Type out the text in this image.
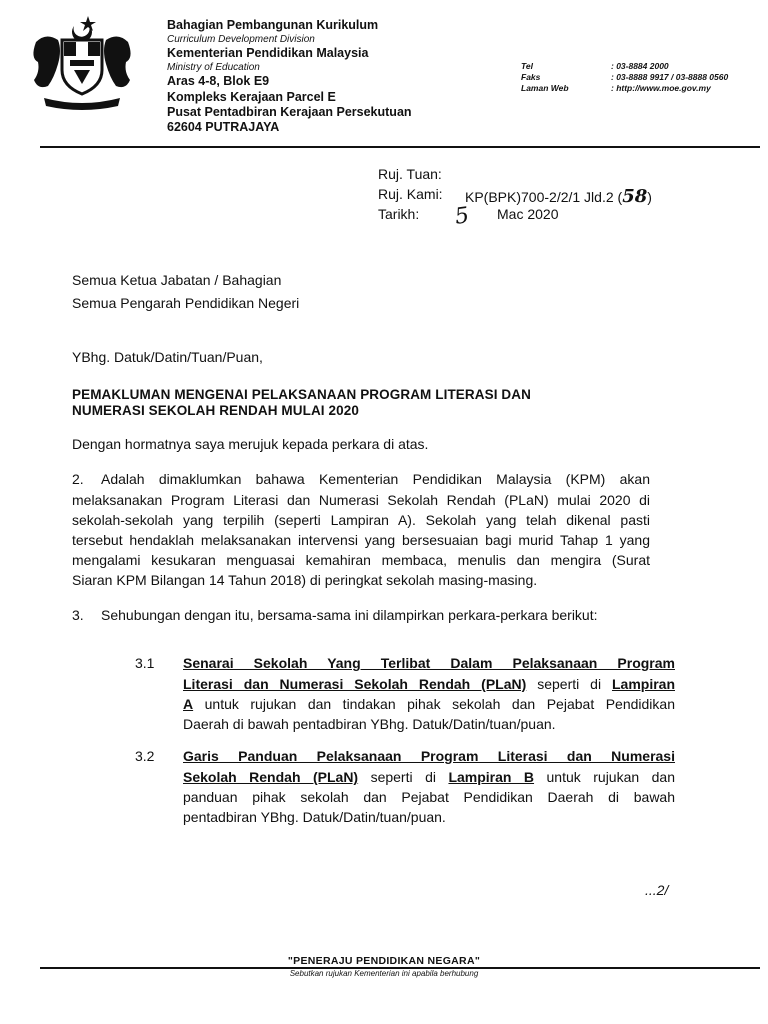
Bahagian Pembangunan Kurikulum
Curriculum Development Division
Kementerian Pendidikan Malaysia
Ministry of Education
Aras 4-8, Blok E9
Kompleks Kerajaan Parcel E
Pusat Pentadbiran Kerajaan Persekutuan
62604 PUTRAJAYA
Tel	: 03-8884 2000
Faks	: 03-8888 9917 / 03-8888 0560
Laman Web	: http://www.moe.gov.my
Ruj. Tuan:
Ruj. Kami: KP(BPK)700-2/2/1 Jld.2 (58)
Tarikh: 5 Mac 2020
Semua Ketua Jabatan / Bahagian
Semua Pengarah Pendidikan Negeri
YBhg. Datuk/Datin/Tuan/Puan,
PEMAKLUMAN MENGENAI PELAKSANAAN PROGRAM LITERASI DAN
NUMERASI SEKOLAH RENDAH MULAI 2020
Dengan hormatnya saya merujuk kepada perkara di atas.
2. Adalah dimaklumkan bahawa Kementerian Pendidikan Malaysia (KPM) akan
melaksanakan Program Literasi dan Numerasi Sekolah Rendah (PLaN) mulai 2020 di
sekolah-sekolah yang terpilih (seperti Lampiran A). Sekolah yang telah dikenal pasti
tersebut hendaklah melaksanakan intervensi yang bersesuaian bagi murid Tahap 1 yang
mengalami kesukaran menguasai kemahiran membaca, menulis dan mengira (Surat
Siaran KPM Bilangan 14 Tahun 2018) di peringkat sekolah masing-masing.
3. Sehubungan dengan itu, bersama-sama ini dilampirkan perkara-perkara berikut:
3.1 Senarai Sekolah Yang Terlibat Dalam Pelaksanaan Program
Literasi dan Numerasi Sekolah Rendah (PLaN) seperti di Lampiran
A untuk rujukan dan tindakan pihak sekolah dan Pejabat Pendidikan
Daerah di bawah pentadbiran YBhg. Datuk/Datin/tuan/puan.
3.2 Garis Panduan Pelaksanaan Program Literasi dan Numerasi
Sekolah Rendah (PLaN) seperti di Lampiran B untuk rujukan dan
panduan pihak sekolah dan Pejabat Pendidikan Daerah di bawah
pentadbiran YBhg. Datuk/Datin/tuan/puan.
...2/
"PENERAJU PENDIDIKAN NEGARA"
Sebutkan rujukan Kementerian ini apabila berhubung
